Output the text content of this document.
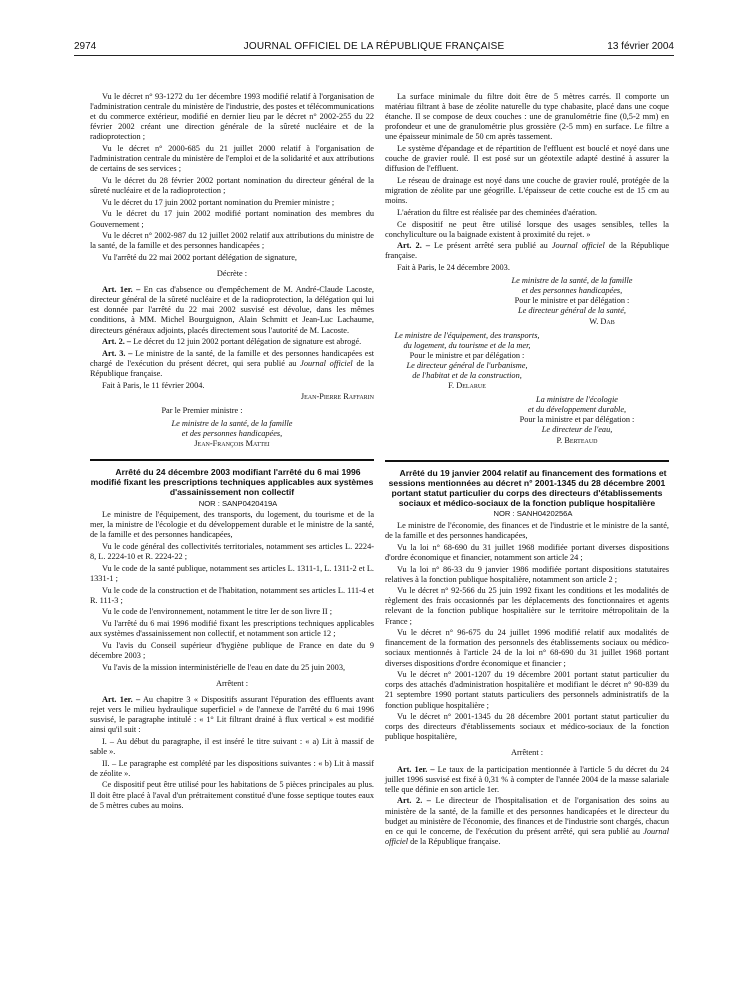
2974	JOURNAL OFFICIEL DE LA RÉPUBLIQUE FRANÇAISE	13 février 2004

Vu le décret n° 93-1272 du 1er décembre 1993 modifié relatif à l'organisation de l'administration centrale du ministère de l'industrie, des postes et télécommunications et du commerce extérieur, modifié en dernier lieu par le décret n° 2002-255 du 22 février 2002 créant une direction générale de la sûreté nucléaire et de la radioprotection ;

Vu le décret n° 2000-685 du 21 juillet 2000 relatif à l'organisation de l'administration centrale du ministère de l'emploi et de la solidarité et aux attributions de certains de ses services ;

Vu le décret du 28 février 2002 portant nomination du directeur général de la sûreté nucléaire et de la radioprotection ;

Vu le décret du 17 juin 2002 portant nomination du Premier ministre ;

Vu le décret du 17 juin 2002 modifié portant nomination des membres du Gouvernement ;

Vu le décret n° 2002-987 du 12 juillet 2002 relatif aux attributions du ministre de la santé, de la famille et des personnes handicapées ;

Vu l'arrêté du 22 mai 2002 portant délégation de signature,

Décrète :

Art. 1er. – En cas d'absence ou d'empêchement de M. André-Claude Lacoste, directeur général de la sûreté nucléaire et de la radioprotection, la délégation qui lui est donnée par l'arrêté du 22 mai 2002 susvisé est dévolue, dans les mêmes conditions, à MM. Michel Bourguignon, Alain Schmitt et Jean-Luc Lachaume, directeurs généraux adjoints, placés directement sous l'autorité de M. Lacoste.

Art. 2. – Le décret du 12 juin 2002 portant délégation de signature est abrogé.

Art. 3. – Le ministre de la santé, de la famille et des personnes handicapées est chargé de l'exécution du présent décret, qui sera publié au Journal officiel de la République française.

Fait à Paris, le 11 février 2004.

Jean-Pierre Raffarin

Par le Premier ministre :

Le ministre de la santé, de la famille

et des personnes handicapées,

Jean-François Mattei

Arrêté du 24 décembre 2003 modifiant l'arrêté du 6 mai 1996 modifié fixant les prescriptions techniques applicables aux systèmes d'assainissement non collectif

NOR : SANP0420419A

Le ministre de l'équipement, des transports, du logement, du tourisme et de la mer, la ministre de l'écologie et du développement durable et le ministre de la santé, de la famille et des personnes handicapées,

Vu le code général des collectivités territoriales, notamment ses articles L. 2224-8, L. 2224-10 et R. 2224-22 ;

Vu le code de la santé publique, notamment ses articles L. 1311-1, L. 1311-2 et L. 1331-1 ;

Vu le code de la construction et de l'habitation, notamment ses articles L. 111-4 et R. 111-3 ;

Vu le code de l'environnement, notamment le titre Ier de son livre II ;

Vu l'arrêté du 6 mai 1996 modifié fixant les prescriptions techniques applicables aux systèmes d'assainissement non collectif, et notamment son article 12 ;

Vu l'avis du Conseil supérieur d'hygiène publique de France en date du 9 décembre 2003 ;

Vu l'avis de la mission interministérielle de l'eau en date du 25 juin 2003,

Arrêtent :

Art. 1er. – Au chapitre 3 « Dispositifs assurant l'épuration des effluents avant rejet vers le milieu hydraulique superficiel » de l'annexe de l'arrêté du 6 mai 1996 susvisé, le paragraphe intitulé : « 1° Lit filtrant drainé à flux vertical » est modifié ainsi qu'il suit :

I. – Au début du paragraphe, il est inséré le titre suivant : « a) Lit à massif de sable ».

II. – Le paragraphe est complété par les dispositions suivantes : « b) Lit à massif de zéolite ».

Ce dispositif peut être utilisé pour les habitations de 5 pièces principales au plus. Il doit être placé à l'aval d'un prétraitement constitué d'une fosse septique toutes eaux de 5 mètres cubes au moins.

La surface minimale du filtre doit être de 5 mètres carrés. Il comporte un matériau filtrant à base de zéolite naturelle du type chabasite, placé dans une coque étanche. Il se compose de deux couches : une de granulométrie fine (0,5-2 mm) en profondeur et une de granulométrie plus grossière (2-5 mm) en surface. Le filtre a une épaisseur minimale de 50 cm après tassement.

Le système d'épandage et de répartition de l'effluent est bouclé et noyé dans une couche de gravier roulé. Il est posé sur un géotextile adapté destiné à assurer la diffusion de l'effluent.

Le réseau de drainage est noyé dans une couche de gravier roulé, protégée de la migration de zéolite par une géogrille. L'épaisseur de cette couche est de 15 cm au moins.

L'aération du filtre est réalisée par des cheminées d'aération.

Ce dispositif ne peut être utilisé lorsque des usages sensibles, telles la conchyliculture ou la baignade existent à proximité du rejet. »

Art. 2. – Le présent arrêté sera publié au Journal officiel de la République française.

Fait à Paris, le 24 décembre 2003.

Le ministre de la santé, de la famille

et des personnes handicapées,

Pour le ministre et par délégation :

Le directeur général de la santé,

W. Dab

Le ministre de l'équipement, des transports,

du logement, du tourisme et de la mer,

Pour le ministre et par délégation :

Le directeur général de l'urbanisme,

de l'habitat et de la construction,

F. Delarue

La ministre de l'écologie

et du développement durable,

Pour la ministre et par délégation :

Le directeur de l'eau,

P. Berteaud

Arrêté du 19 janvier 2004 relatif au financement des formations et sessions mentionnées au décret n° 2001-1345 du 28 décembre 2001 portant statut particulier du corps des directeurs d'établissements sociaux et médico-sociaux de la fonction publique hospitalière

NOR : SANH0420256A

Le ministre de l'économie, des finances et de l'industrie et le ministre de la santé, de la famille et des personnes handicapées,

Vu la loi n° 68-690 du 31 juillet 1968 modifiée portant diverses dispositions d'ordre économique et financier, notamment son article 24 ;

Vu la loi n° 86-33 du 9 janvier 1986 modifiée portant dispositions statutaires relatives à la fonction publique hospitalière, notamment son article 2 ;

Vu le décret n° 92-566 du 25 juin 1992 fixant les conditions et les modalités de règlement des frais occasionnés par les déplacements des fonctionnaires et agents relevant de la fonction publique hospitalière sur le territoire métropolitain de la France ;

Vu le décret n° 96-675 du 24 juillet 1996 modifié relatif aux modalités de financement de la formation des personnels des établissements sociaux ou médico-sociaux mentionnés à l'article 24 de la loi n° 68-690 du 31 juillet 1968 portant diverses dispositions d'ordre économique et financier ;

Vu le décret n° 2001-1207 du 19 décembre 2001 portant statut particulier du corps des attachés d'administration hospitalière et modifiant le décret n° 90-839 du 21 septembre 1990 portant statuts particuliers des personnels administratifs de la fonction publique hospitalière ;

Vu le décret n° 2001-1345 du 28 décembre 2001 portant statut particulier du corps des directeurs d'établissements sociaux et médico-sociaux de la fonction publique hospitalière,

Arrêtent :

Art. 1er. – Le taux de la participation mentionnée à l'article 5 du décret du 24 juillet 1996 susvisé est fixé à 0,31 % à compter de l'année 2004 de la masse salariale telle que définie en son article 1er.

Art. 2. – Le directeur de l'hospitalisation et de l'organisation des soins au ministère de la santé, de la famille et des personnes handicapées et le directeur du budget au ministère de l'économie, des finances et de l'industrie sont chargés, chacun en ce qui le concerne, de l'exécution du présent arrêté, qui sera publié au Journal officiel de la République française.
